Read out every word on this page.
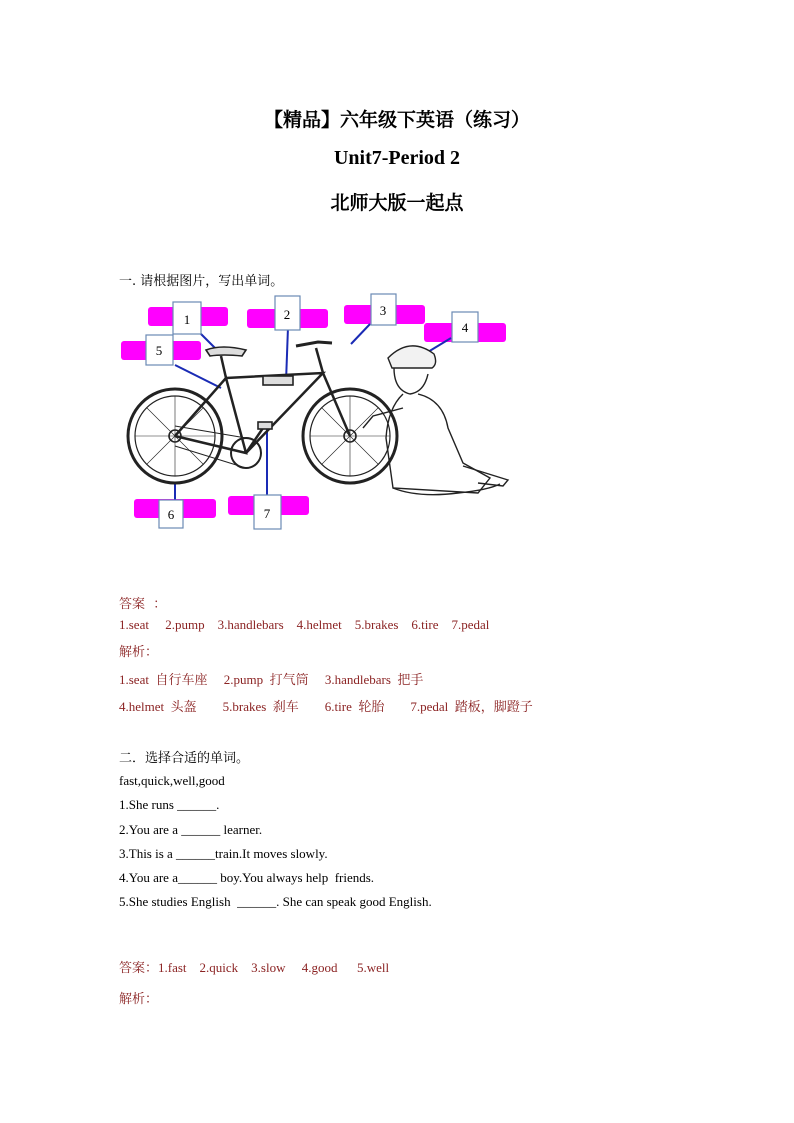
【精品】六年级下英语（练习）
Unit7-Period 2
北师大版一起点
一. 请根据图片，写出单词。
1	2	3
4
5
6	7
答案  ：
1.seat     2.pump    3.handlebars    4.helmet    5.brakes    6.tire    7.pedal
解析：
1.seat  自行车座     2.pump  打气筒     3.handlebars  把手
4.helmet  头盔        5.brakes  刹车        6.tire  轮胎        7.pedal  踏板，脚蹬子
二．选择合适的单词。
fast,quick,well,good
1.She runs ______.
2.You are a ______ learner.
3.This is a ______train.It moves slowly.
4.You are a______ boy.You always help  friends.
5.She studies English  ______. She can speak good English.
答案：1.fast    2.quick    3.slow     4.good      5.well
解析：
